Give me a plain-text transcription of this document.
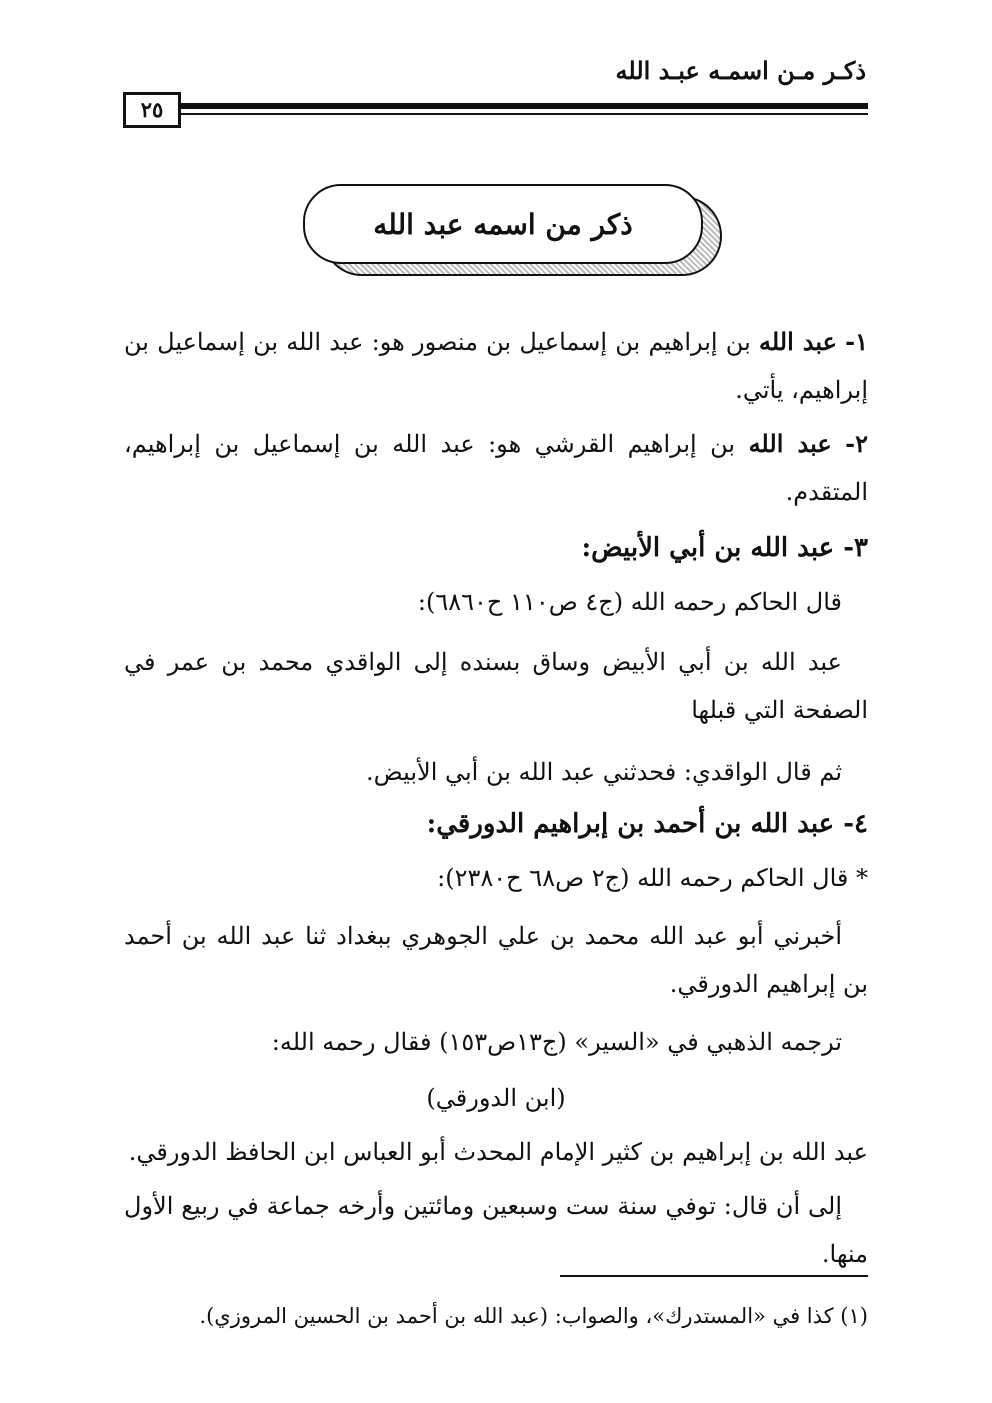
ذكـر مـن اسمـه عبـد الله
٢٥
ذكر من اسمه عبد الله

١- عبد الله بن إبراهيم بن إسماعيل بن منصور هو: عبد الله بن إسماعيل بن إبراهيم، يأتي.

٢- عبد الله بن إبراهيم القرشي هو: عبد الله بن إسماعيل بن إبراهيم، المتقدم.

٣- عبد الله بن أبي الأبيض:

قال الحاكم رحمه الله (ج٤ ص١١٠ ح٦٨٦٠):

عبد الله بن أبي الأبيض وساق بسنده إلى الواقدي محمد بن عمر في الصفحة التي قبلها

ثم قال الواقدي: فحدثني عبد الله بن أبي الأبيض.

٤- عبد الله بن أحمد بن إبراهيم الدورقي:

* قال الحاكم رحمه الله (ج٢ ص٦٨ ح٢٣٨٠):

أخبرني أبو عبد الله محمد بن علي الجوهري ببغداد ثنا عبد الله بن أحمد بن إبراهيم الدورقي.

ترجمه الذهبي في «السير» (ج١٣ص١٥٣) فقال رحمه الله:

(ابن الدورقي)

عبد الله بن إبراهيم بن كثير الإمام المحدث أبو العباس ابن الحافظ الدورقي.

إلى أن قال: توفي سنة ست وسبعين ومائتين وأرخه جماعة في ربيع الأول منها.

(١) كذا في «المستدرك»، والصواب: (عبد الله بن أحمد بن الحسين المروزي).
